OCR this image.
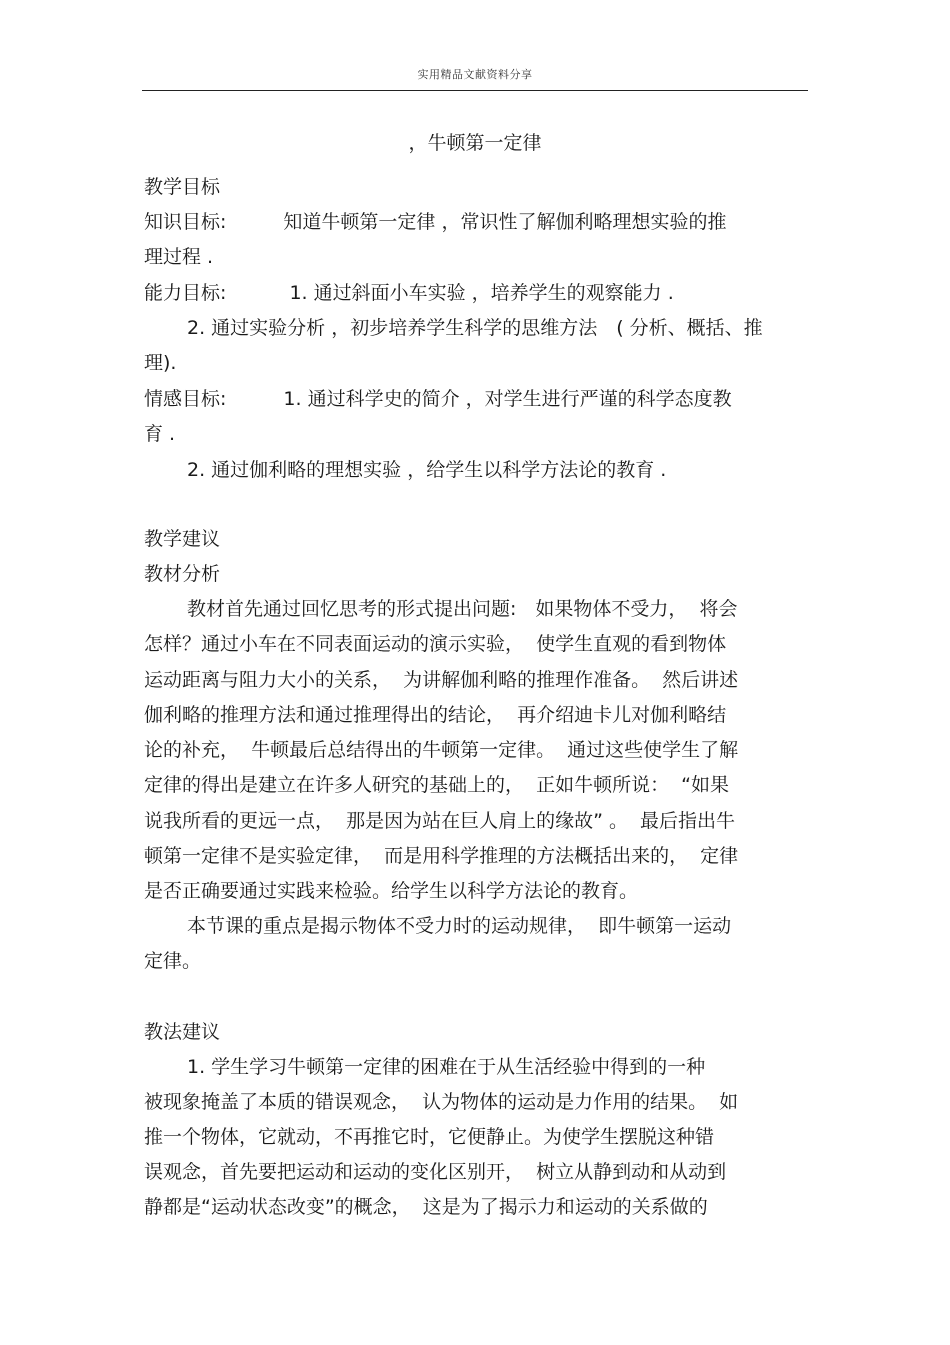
实用精品文献资料分享
，牛顿第一定律
教学目标
知识目标:　　　知道牛顿第一定律 ，常识性了解伽利略理想实验的推
理过程 .
能力目标:　　　 1. 通过斜面小车实验 ，培养学生的观察能力 .
2. 通过实验分析 ，初步培养学生科学的思维方法　( 分析、概括、推
理).
情感目标:　　　1. 通过科学史的简介 ，对学生进行严谨的科学态度教
育 .
2. 通过伽利略的理想实验 ，给学生以科学方法论的教育 .
教学建议
教材分析
教材首先通过回忆思考的形式提出问题:　如果物体不受力，  将会
怎样？通过小车在不同表面运动的演示实验，  使学生直观的看到物体
运动距离与阻力大小的关系，  为讲解伽利略的推理作准备。  然后讲述
伽利略的推理方法和通过推理得出的结论，  再介绍迪卡儿对伽利略结
论的补充，  牛顿最后总结得出的牛顿第一定律。  通过这些使学生了解
定律的得出是建立在许多人研究的基础上的，  正如牛顿所说：  “如果
说我所看的更远一点，  那是因为站在巨人肩上的缘故” 。  最后指出牛
顿第一定律不是实验定律，  而是用科学推理的方法概括出来的，  定律
是否正确要通过实践来检验。给学生以科学方法论的教育。
本节课的重点是揭示物体不受力时的运动规律，  即牛顿第一运动
定律。
教法建议
1. 学生学习牛顿第一定律的困难在于从生活经验中得到的一种
被现象掩盖了本质的错误观念，  认为物体的运动是力作用的结果。  如
推一个物体，它就动，不再推它时，它便静止。为使学生摆脱这种错
误观念，首先要把运动和运动的变化区别开，  树立从静到动和从动到
静都是“运动状态改变”的概念，  这是为了揭示力和运动的关系做的
